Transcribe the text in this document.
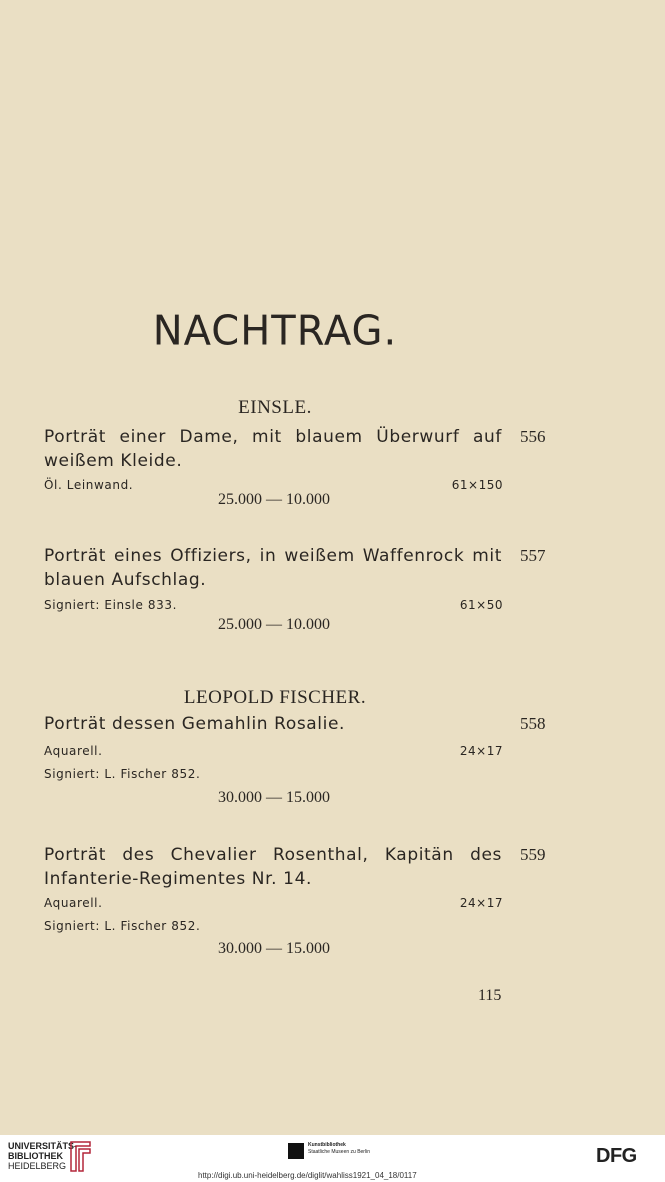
NACHTRAG.
EINSLE.
Porträt einer Dame, mit blauem Überwurf auf 556
weißem Kleide.
Öl. Leinwand.	61×150
25.000 — 10.000
Porträt eines Offiziers, in weißem Waffenrock mit 557
blauen Aufschlag.
Signiert: Einsle 833.	61×50
25.000 — 10.000
LEOPOLD FISCHER.
Porträt dessen Gemahlin Rosalie.	558
Aquarell.	24×17
Signiert: L. Fischer 852.
30.000 — 15.000
Porträt des Chevalier Rosenthal, Kapitän des 559
Infanterie-Regimentes Nr. 14.
Aquarell.	24×17
Signiert: L. Fischer 852.
30.000 — 15.000
115
UNIVERSITÄTS-
BIBLIOTHEK
HEIDELBERG
Kunstbibliothek
Staatliche Museen zu Berlin	DFG
http://digi.ub.uni-heidelberg.de/diglit/wahliss1921_04_18/0117
